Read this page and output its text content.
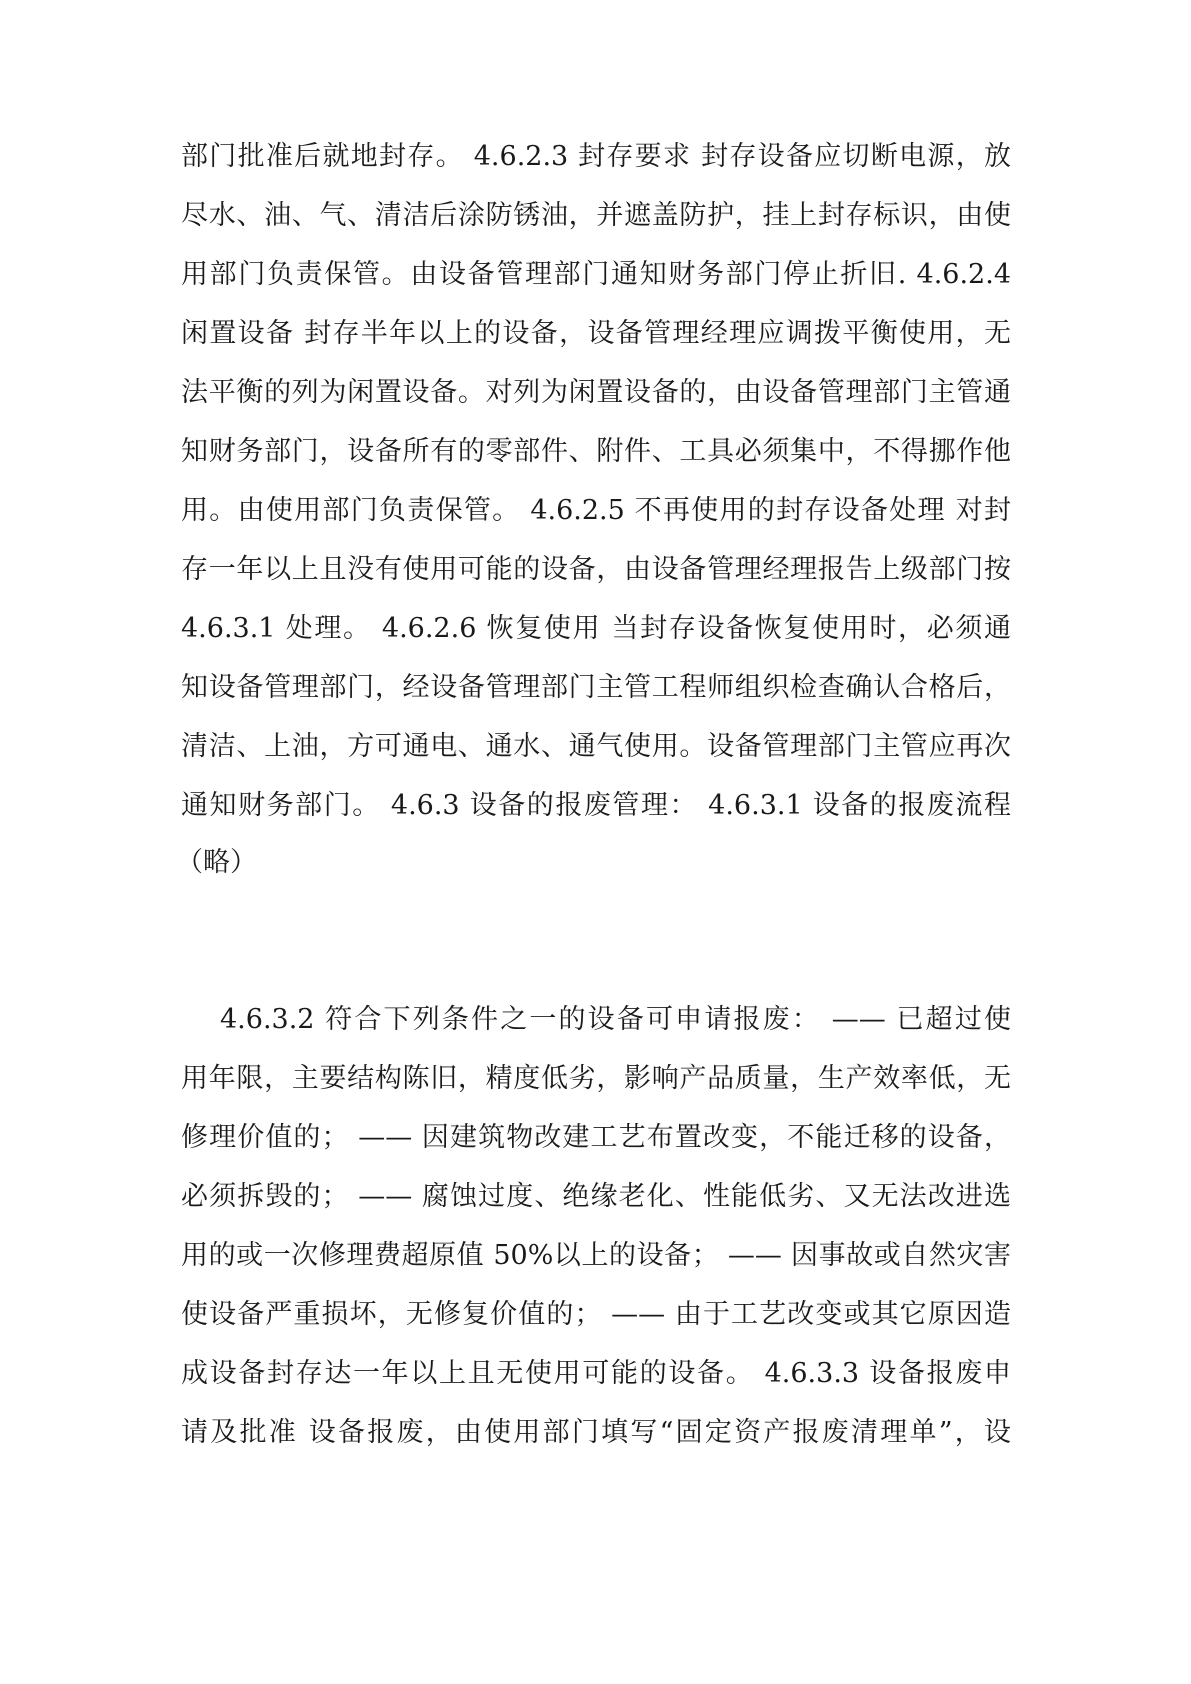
部门批准后就地封存。 4.6.2.3 封存要求 封存设备应切断电源，放
尽水、油、气、清洁后涂防锈油，并遮盖防护，挂上封存标识，由使
用部门负责保管。由设备管理部门通知财务部门停止折旧. 4.6.2.4
闲置设备 封存半年以上的设备，设备管理经理应调拨平衡使用，无
法平衡的列为闲置设备。对列为闲置设备的，由设备管理部门主管通
知财务部门，设备所有的零部件、附件、工具必须集中，不得挪作他
用。由使用部门负责保管。 4.6.2.5 不再使用的封存设备处理 对封
存一年以上且没有使用可能的设备，由设备管理经理报告上级部门按
4.6.3.1 处理。 4.6.2.6 恢复使用 当封存设备恢复使用时，必须通
知设备管理部门，经设备管理部门主管工程师组织检查确认合格后，
清洁、上油，方可通电、通水、通气使用。设备管理部门主管应再次
通知财务部门。 4.6.3 设备的报废管理： 4.6.3.1 设备的报废流程
（略）
4.6.3.2 符合下列条件之一的设备可申请报废： —— 已超过使
用年限，主要结构陈旧，精度低劣，影响产品质量，生产效率低，无
修理价值的； —— 因建筑物改建工艺布置改变，不能迁移的设备，
必须拆毁的； —— 腐蚀过度、绝缘老化、性能低劣、又无法改进选
用的或一次修理费超原值 50%以上的设备； —— 因事故或自然灾害
使设备严重损坏，无修复价值的； —— 由于工艺改变或其它原因造
成设备封存达一年以上且无使用可能的设备。 4.6.3.3 设备报废申
请及批准 设备报废，由使用部门填写“固定资产报废清理单”，设
